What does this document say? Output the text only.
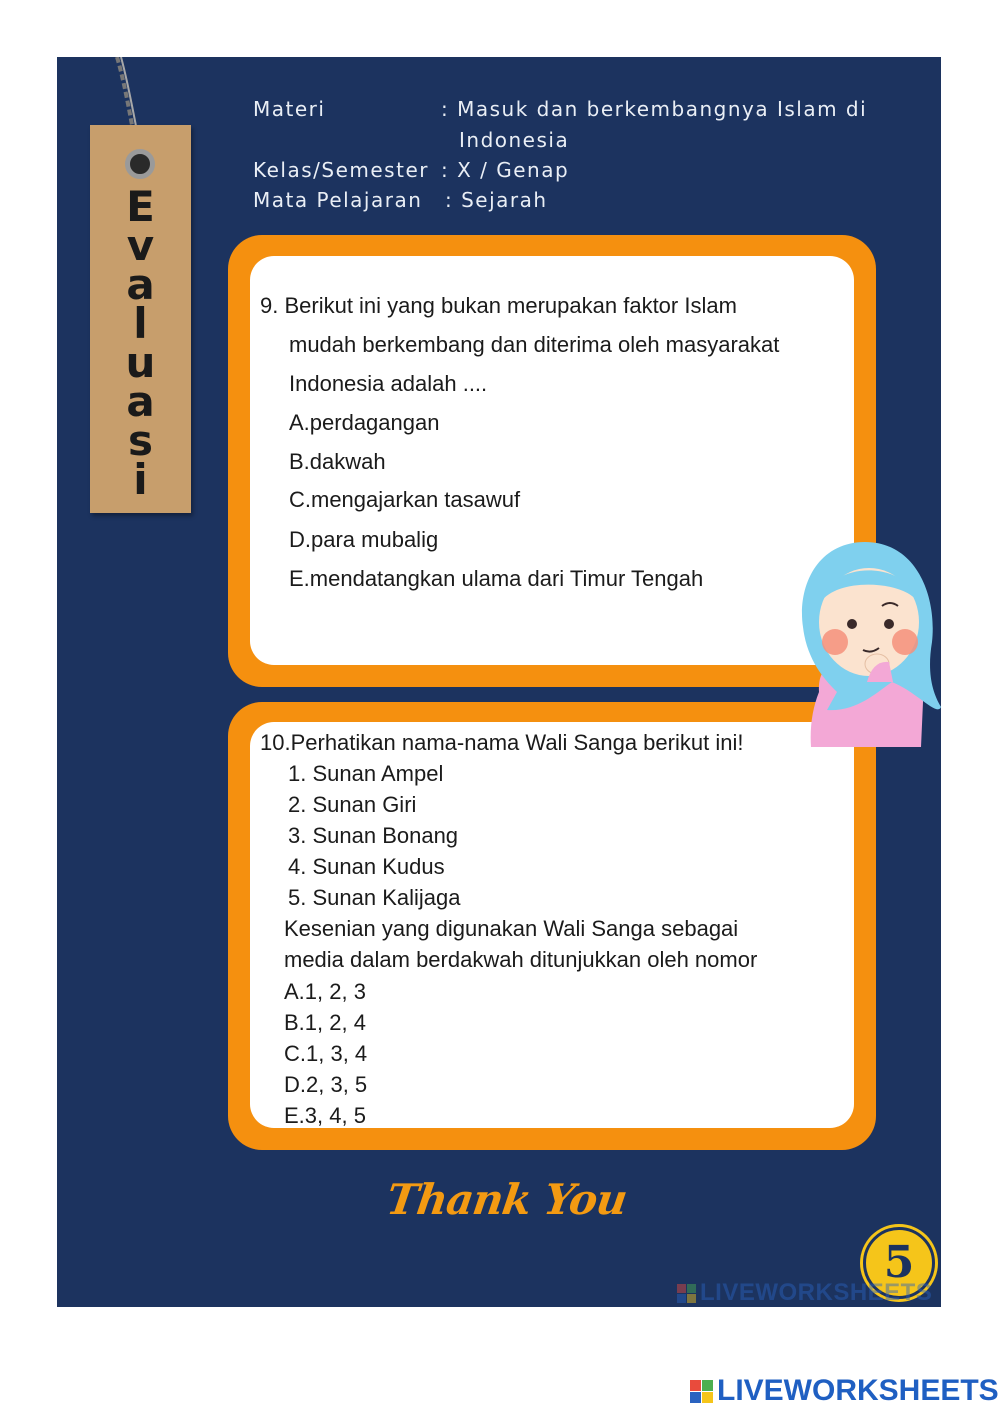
E
v
a
l
u
a
s
i
Materi	: Masuk dan berkembangnya Islam di
Indonesia
Kelas/Semester : X / Genap
Mata Pelajaran : Sejarah
9. Berikut ini yang bukan merupakan faktor Islam
mudah berkembang dan diterima oleh masyarakat
Indonesia adalah ....
A.perdagangan
B.dakwah
C.mengajarkan tasawuf
D.para mubalig
E.mendatangkan ulama dari Timur Tengah
10.Perhatikan nama-nama Wali Sanga berikut ini!
1. Sunan Ampel
2. Sunan Giri
3. Sunan Bonang
4. Sunan Kudus
5. Sunan Kalijaga
Kesenian yang digunakan Wali Sanga sebagai
media dalam berdakwah ditunjukkan oleh nomor
A.1, 2, 3
B.1, 2, 4
C.1, 3, 4
D.2, 3, 5
E.3, 4, 5
Thank You
5
LIVEWORKSHEETS
LIVEWORKSHEETS
